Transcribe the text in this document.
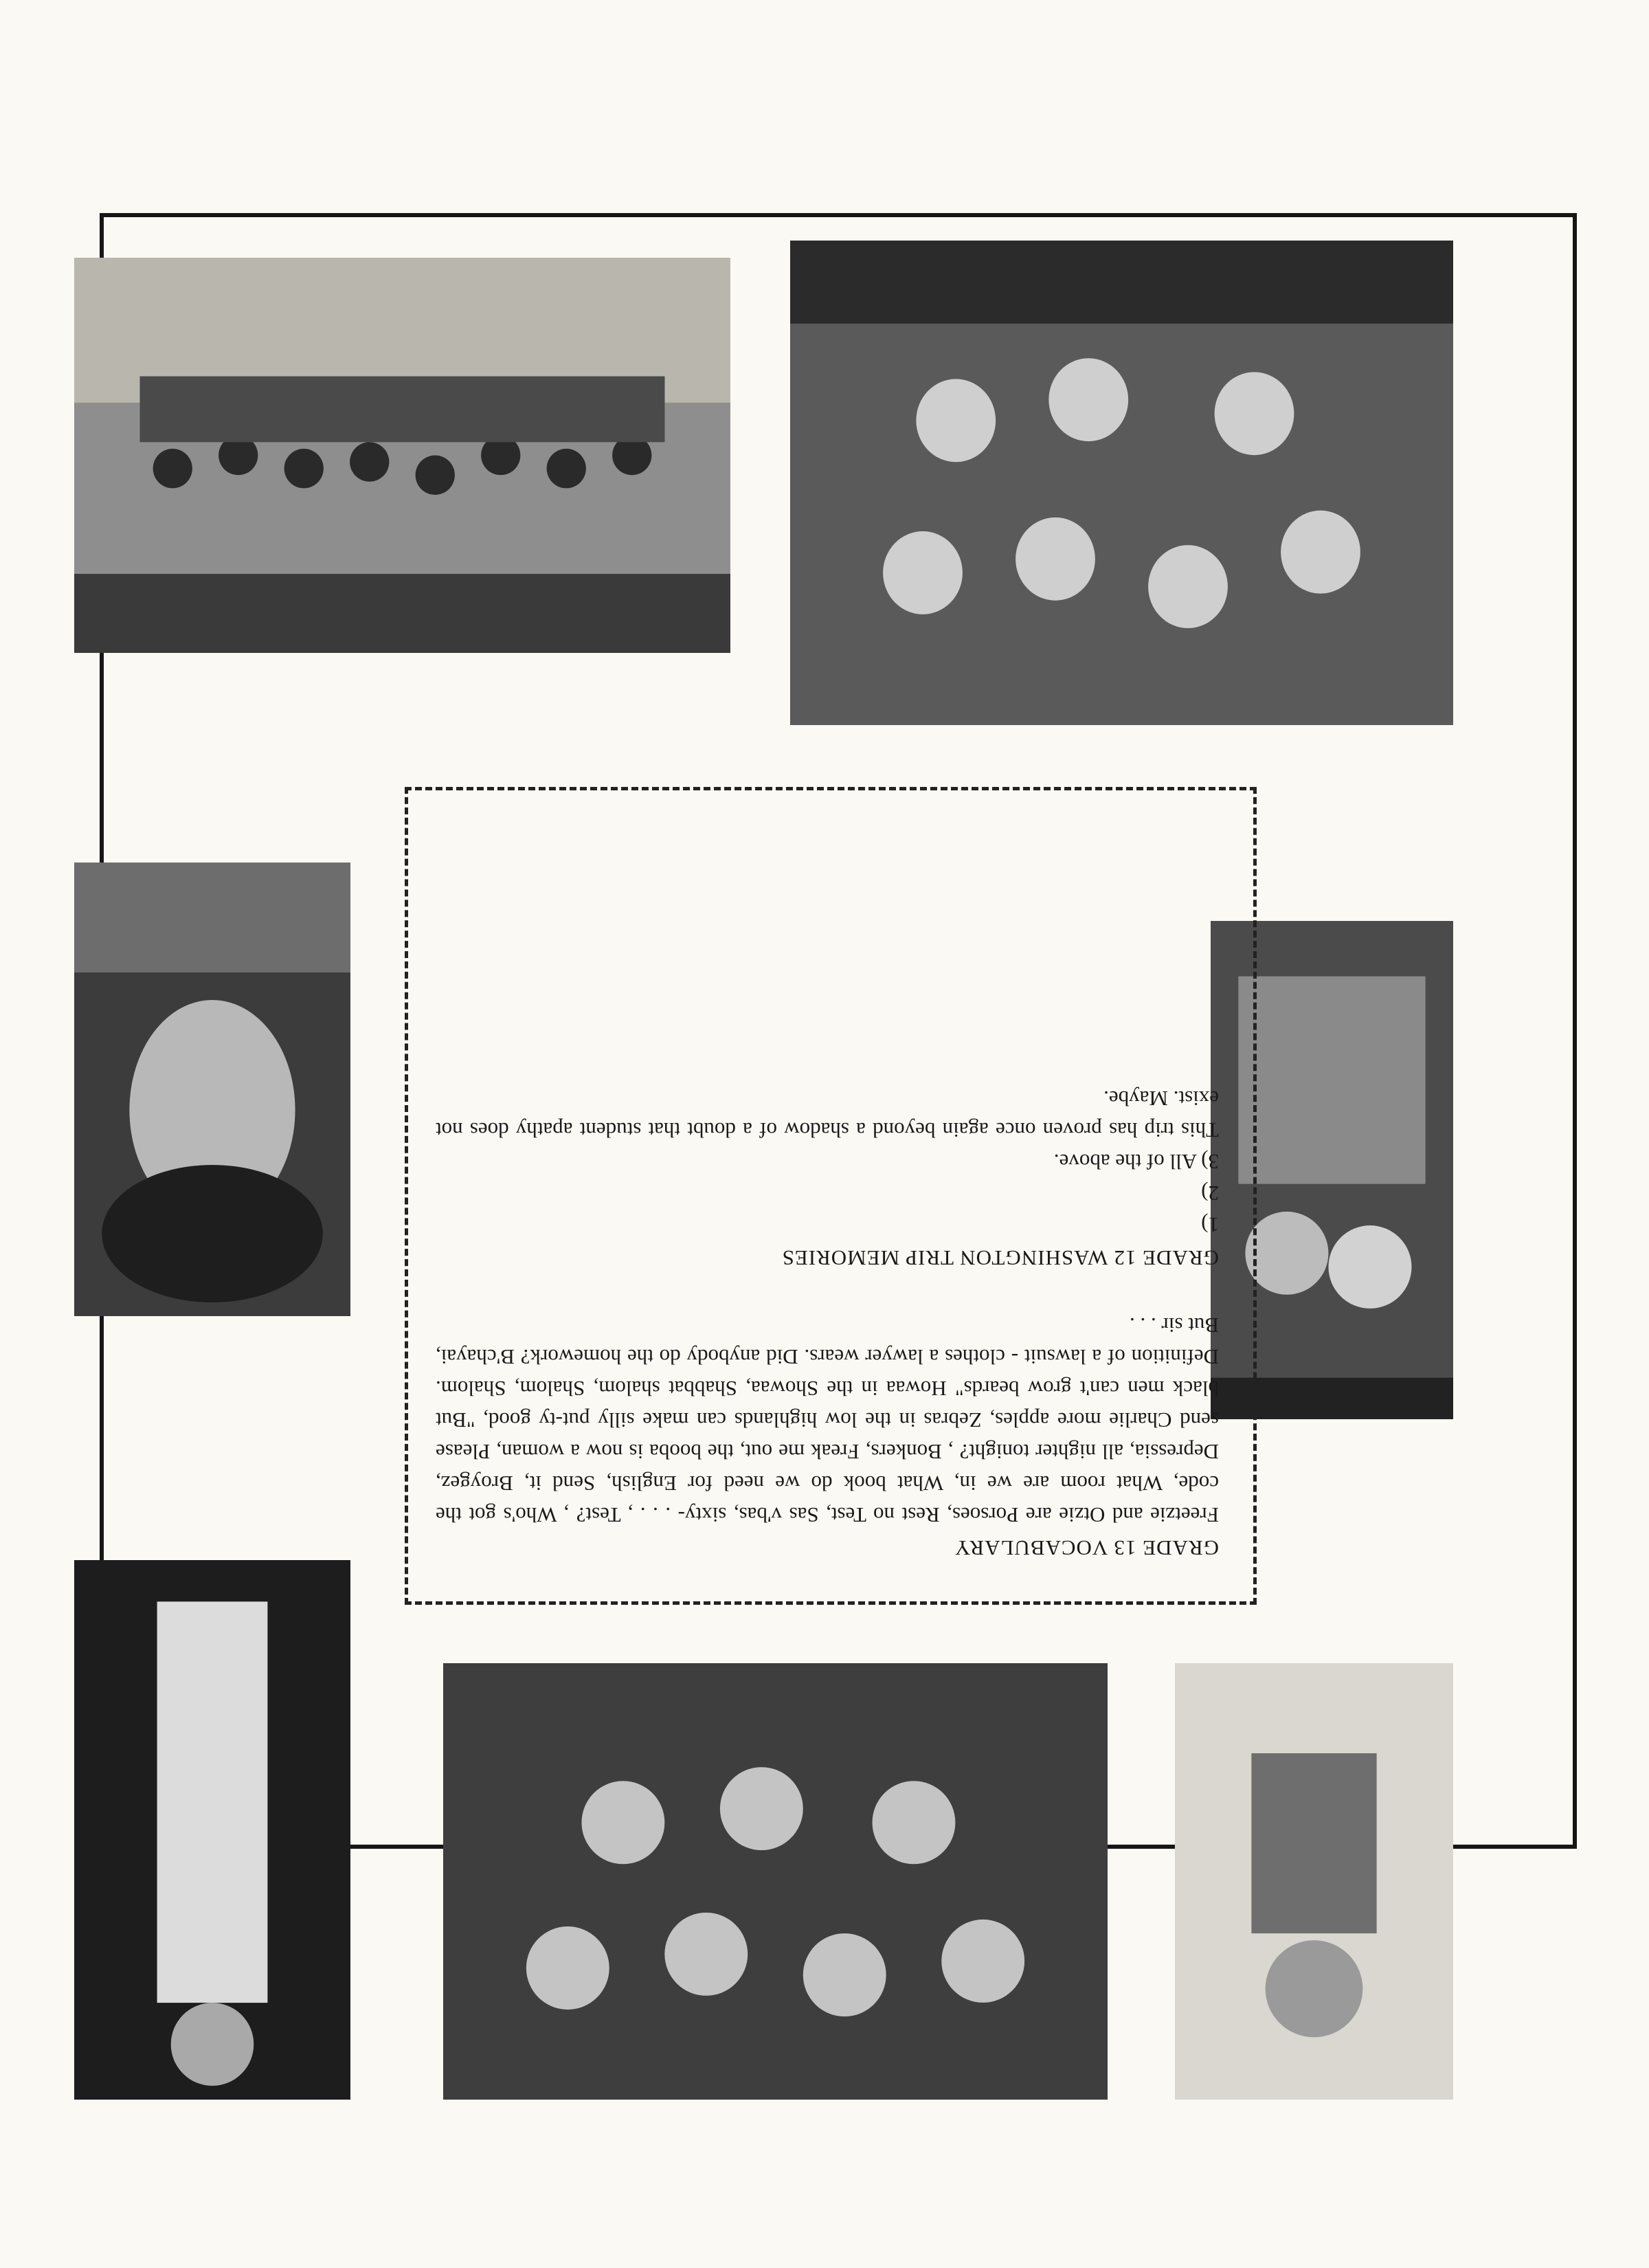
GRADE 13 VOCABULARY

Freetzie and Otzie are Porsoes, Rest no Test, Sas v'bas, sixty- . . . , Test? , Who's got the code, What room are we in, What book do we need for English, Send it, Broygez, Depressia, all nighter tonight? , Bonkers, Freak me out, the booba is now a woman, Please send Charlie more apples, Zebras in the low highlands can make silly put-ty good, "But black men can't grow beards" Howaa in the Showaa, Shabbat shalom, Shalom, Shalom. Definition of a lawsuit - clothes a lawyer wears. Did anybody do the homework? B'chayai, But sir . . .

GRADE 12 WASHINGTON TRIP MEMORIES
1)
2)
3) All of the above.

This trip has proven once again beyond a shadow of a doubt that student apathy does not exist. Maybe.
